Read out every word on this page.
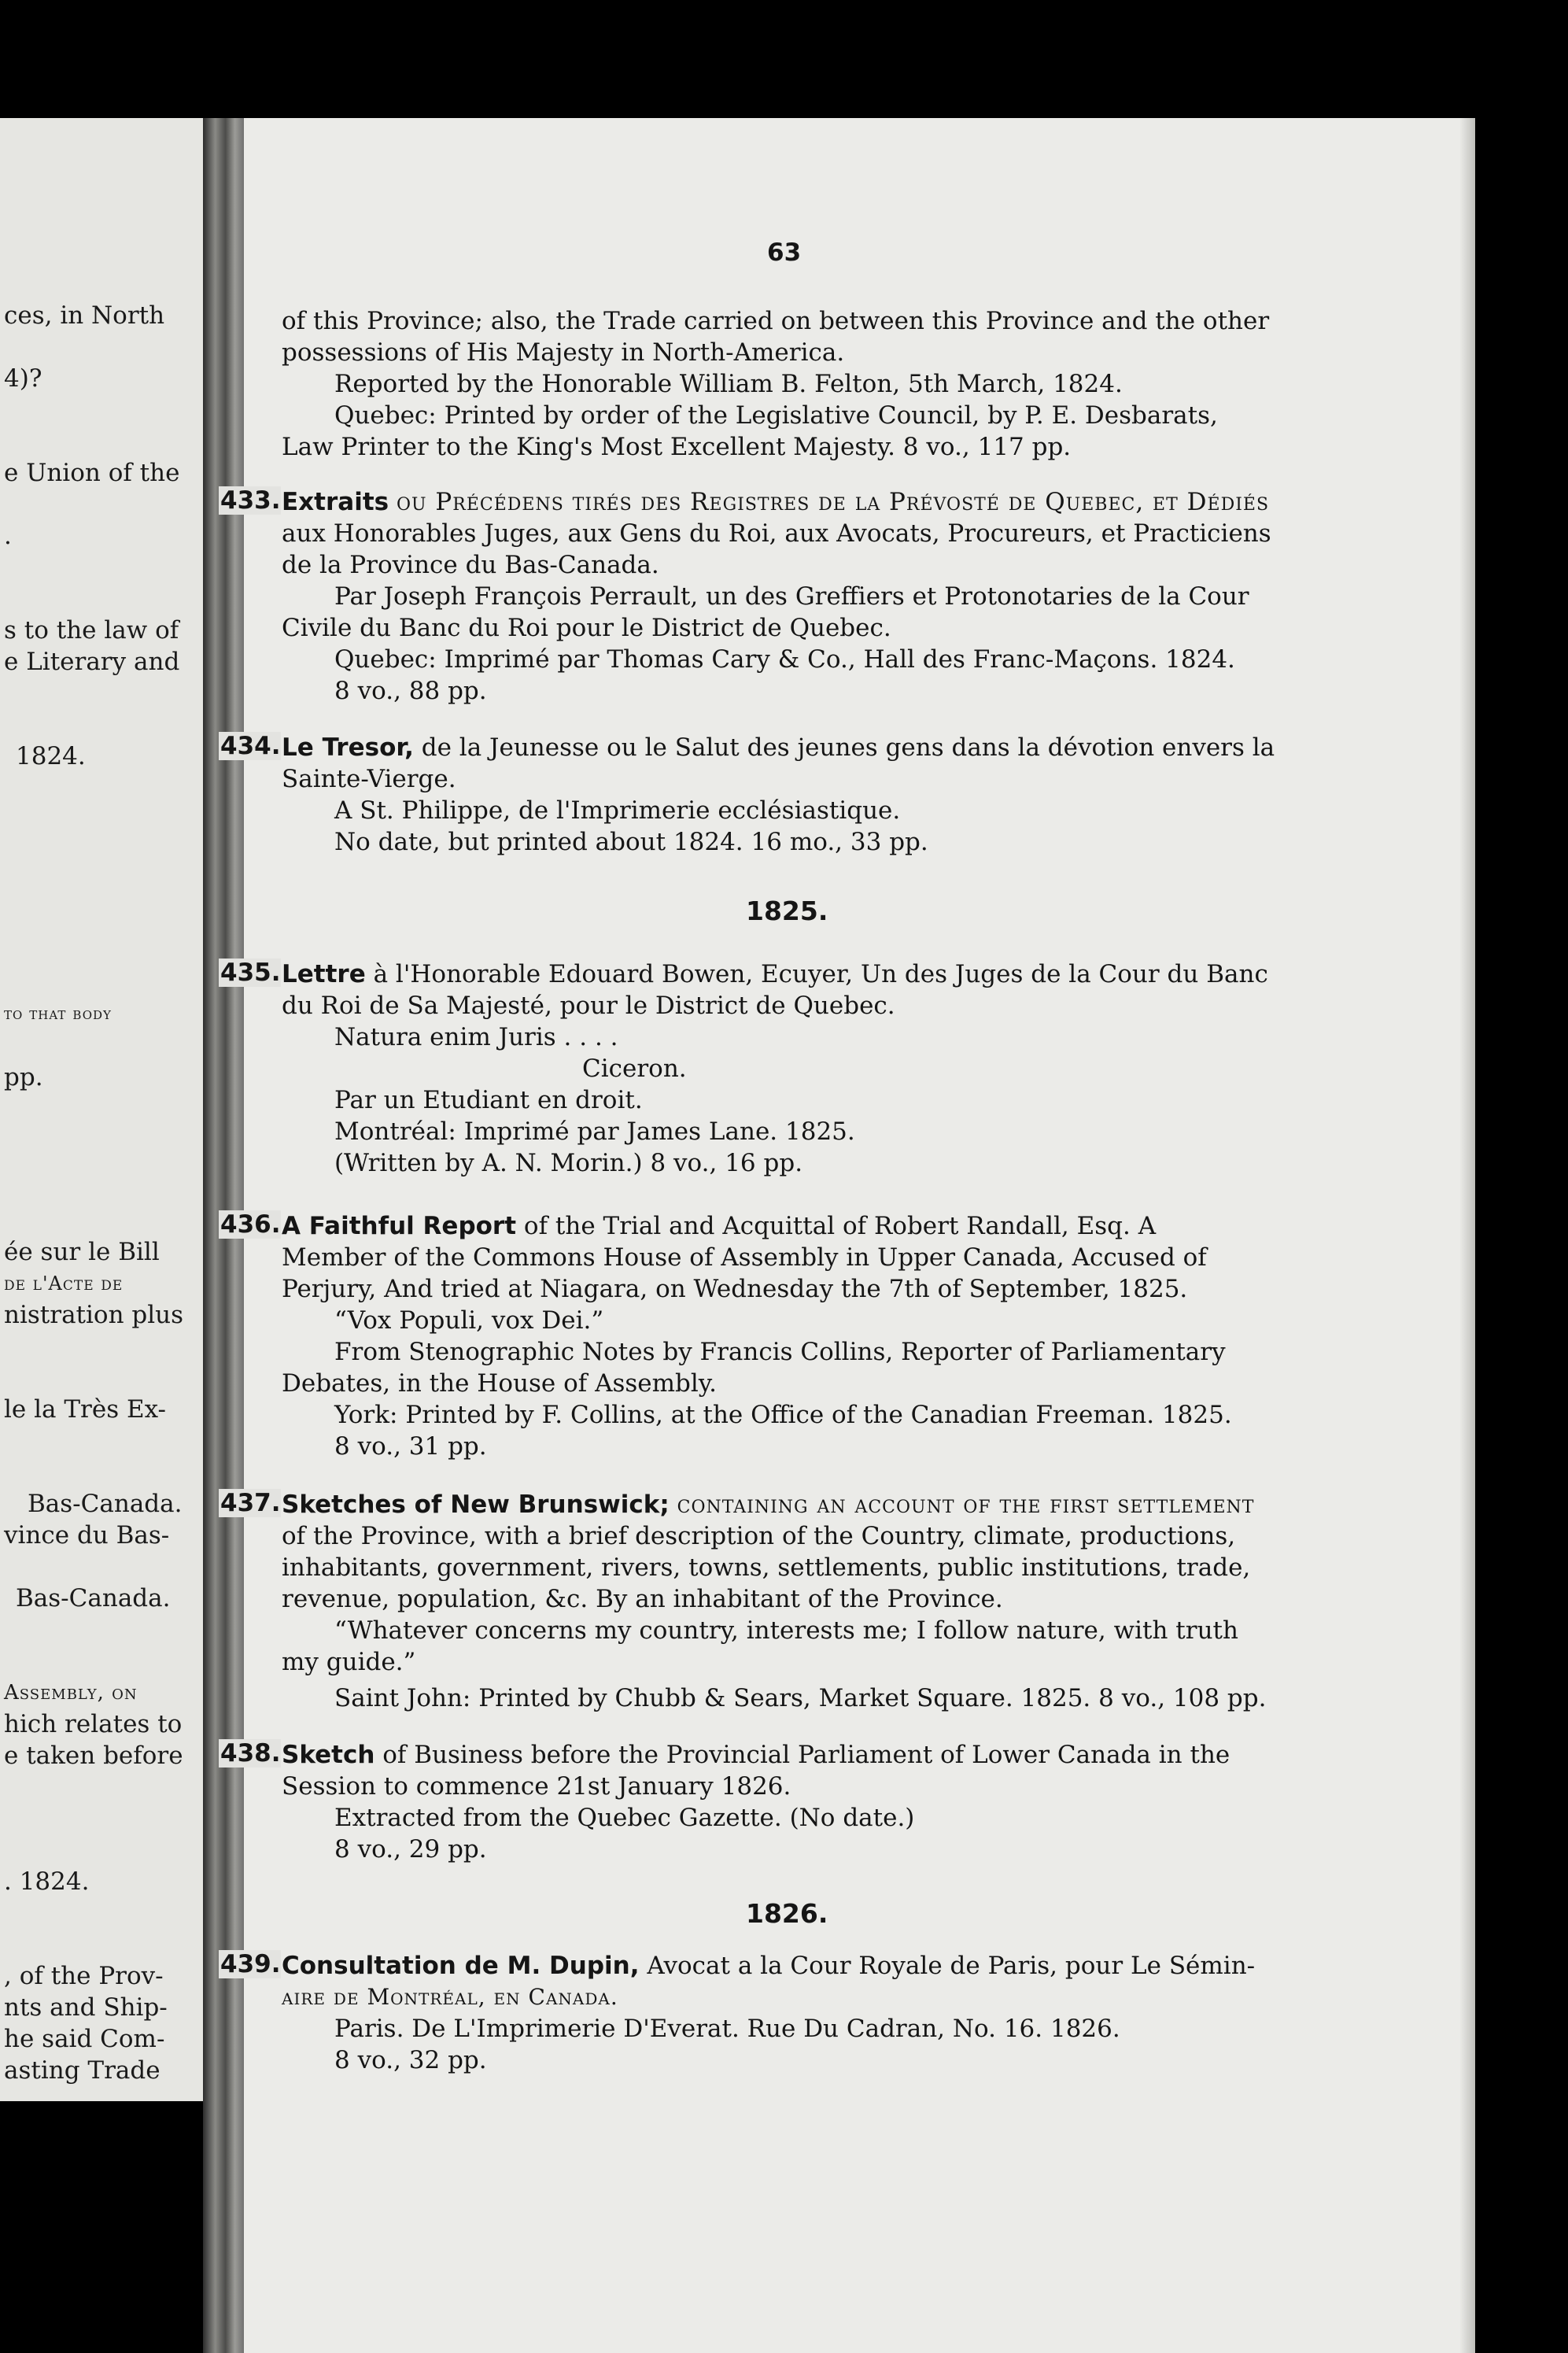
ces, in North
4)?
e Union of the
.
s to the law of
e Literary and
1824.
to that body
pp.
ée sur le Bill
de l'Acte de
nistration plus
le la Très Ex-
Bas-Canada.
vince du Bas-
Bas-Canada.
Assembly, on
hich relates to
e taken before
. 1824.
, of the Prov-
nts and Ship-
he said Com-
asting Trade
63
of this Province; also, the Trade carried on between this Province and the other
possessions of His Majesty in North-America.
Reported by the Honorable William B. Felton, 5th March, 1824.
Quebec: Printed by order of the Legislative Council, by P. E. Desbarats,
Law Printer to the King's Most Excellent Majesty. 8 vo., 117 pp.
433. Extraits ou Précédens tirés des Registres de la Prévosté de Quebec, et Dédiés
aux Honorables Juges, aux Gens du Roi, aux Avocats, Procureurs, et Practiciens
de la Province du Bas-Canada.
Par Joseph François Perrault, un des Greffiers et Protonotaries de la Cour
Civile du Banc du Roi pour le District de Quebec.
Quebec: Imprimé par Thomas Cary & Co., Hall des Franc-Maçons. 1824.
8 vo., 88 pp.
434. Le Tresor, de la Jeunesse ou le Salut des jeunes gens dans la dévotion envers la
Sainte-Vierge.
A St. Philippe, de l'Imprimerie ecclésiastique.
No date, but printed about 1824. 16 mo., 33 pp.
1825.
435. Lettre à l'Honorable Edouard Bowen, Ecuyer, Un des Juges de la Cour du Banc
du Roi de Sa Majesté, pour le District de Quebec.
Natura enim Juris . . . .
Ciceron.
Par un Etudiant en droit.
Montréal: Imprimé par James Lane. 1825.
(Written by A. N. Morin.) 8 vo., 16 pp.
436. A Faithful Report of the Trial and Acquittal of Robert Randall, Esq. A
Member of the Commons House of Assembly in Upper Canada, Accused of
Perjury, And tried at Niagara, on Wednesday the 7th of September, 1825.
“Vox Populi, vox Dei.”
From Stenographic Notes by Francis Collins, Reporter of Parliamentary
Debates, in the House of Assembly.
York: Printed by F. Collins, at the Office of the Canadian Freeman. 1825.
8 vo., 31 pp.
437. Sketches of New Brunswick; containing an account of the first settlement
of the Province, with a brief description of the Country, climate, productions,
inhabitants, government, rivers, towns, settlements, public institutions, trade,
revenue, population, &c. By an inhabitant of the Province.
“Whatever concerns my country, interests me; I follow nature, with truth
my guide.”
Saint John: Printed by Chubb & Sears, Market Square. 1825. 8 vo., 108 pp.
438. Sketch of Business before the Provincial Parliament of Lower Canada in the
Session to commence 21st January 1826.
Extracted from the Quebec Gazette. (No date.)
8 vo., 29 pp.
1826.
439. Consultation de M. Dupin, Avocat a la Cour Royale de Paris, pour Le Sémin-
aire de Montréal, en Canada.
Paris. De L'Imprimerie D'Everat. Rue Du Cadran, No. 16. 1826.
8 vo., 32 pp.
